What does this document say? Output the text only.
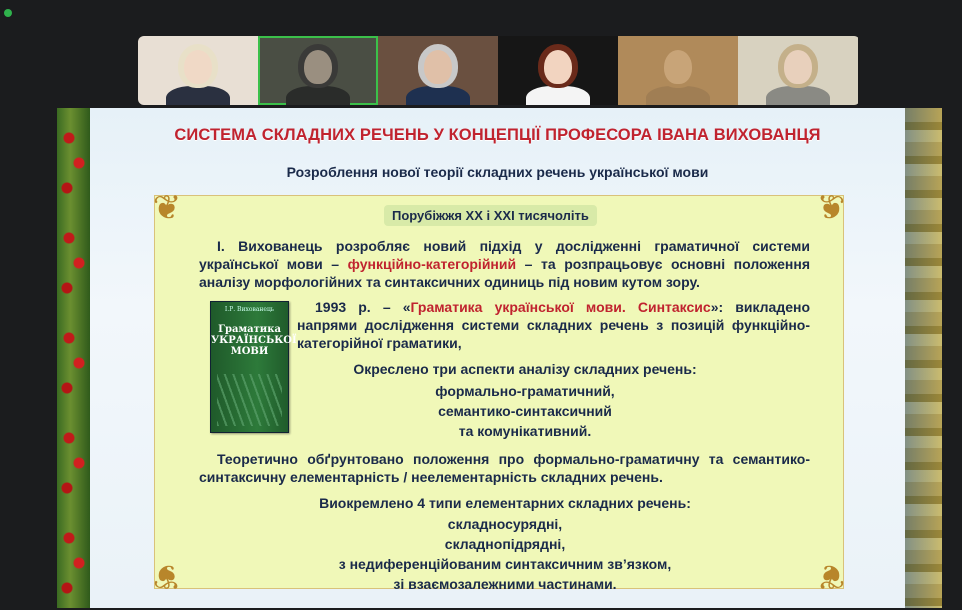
СИСТЕМА СКЛАДНИХ РЕЧЕНЬ У КОНЦЕПЦІЇ ПРОФЕСОРА ІВАНА ВИХОВАНЦЯ
Розроблення нової теорії складних речень української мови
❦	❦
❦	❦
Порубіжжя ХХ і ХХІ тисячоліть
І. Вихованець розробляє новий підхід у дослідженні граматичної системи української мови – функційно-категорійний – та розпрацьовує основні положення аналізу морфологійних та синтаксичних одиниць під новим кутом зору.
І.Р. Вихованець
Граматика УКРАЇНСЬКОЇ МОВИ
1993 р. – «Граматика української мови. Синтаксис»: викладено напрями дослідження системи складних речень з позицій функційно-категорійної граматики,
Окреслено три аспекти аналізу складних речень:
формально-граматичний,
семантико-синтаксичний
та комунікативний.
Теоретично обґрунтовано положення про формально-граматичну та семантико-синтаксичну елементарність / неелементарність складних речень.
Виокремлено 4 типи елементарних складних речень:
складносурядні,
складнопідрядні,
з недиференційованим синтаксичним зв’язком,
зі взаємозалежними частинами.
